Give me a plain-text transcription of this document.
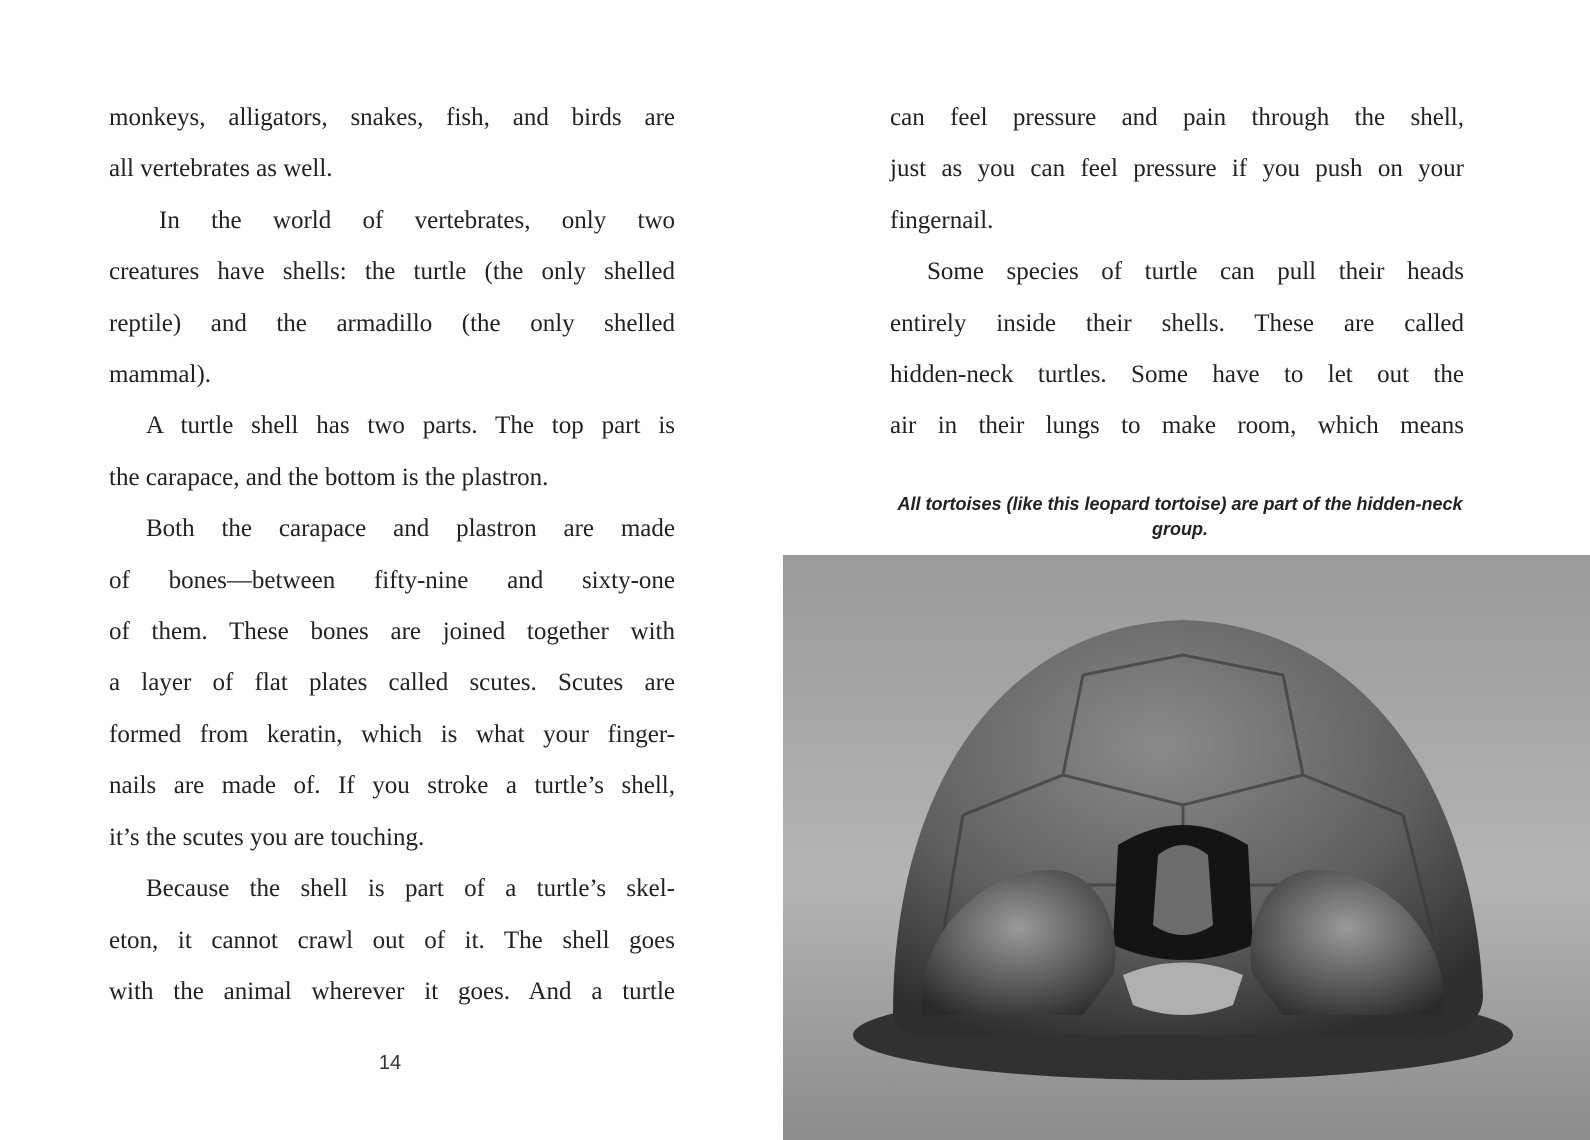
monkeys, alligators, snakes, fish, and birds are
all vertebrates as well.
In the world of vertebrates, only two
creatures have shells: the turtle (the only shelled
reptile) and the armadillo (the only shelled
mammal).
A turtle shell has two parts. The top part is
the carapace, and the bottom is the plastron.
Both the carapace and plastron are made
of bones—between fifty-nine and sixty-one
of them. These bones are joined together with
a layer of flat plates called scutes. Scutes are
formed from keratin, which is what your finger-
nails are made of. If you stroke a turtle’s shell,
it’s the scutes you are touching.
Because the shell is part of a turtle’s skel-
eton, it cannot crawl out of it. The shell goes
with the animal wherever it goes. And a turtle
14
can feel pressure and pain through the shell,
just as you can feel pressure if you push on your
fingernail.
Some species of turtle can pull their heads
entirely inside their shells. These are called
hidden-neck turtles. Some have to let out the
air in their lungs to make room, which means
All tortoises (like this leopard tortoise) are part of the hidden-neck group.
